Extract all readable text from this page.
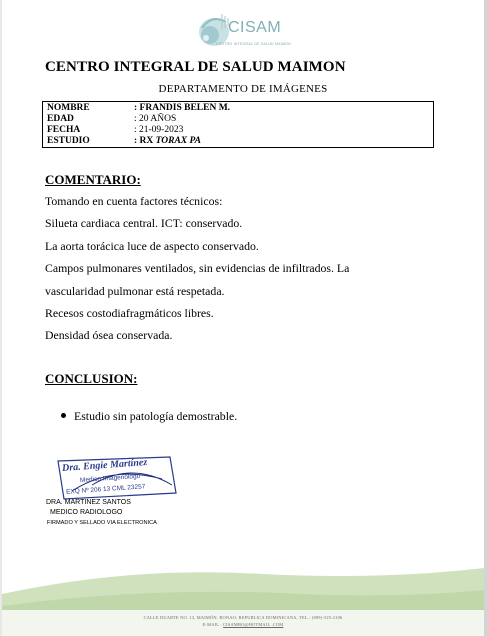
CISAM
CENTRO INTEGRAL DE SALUD MAIMON
CENTRO INTEGRAL DE SALUD MAIMON
DEPARTAMENTO DE IMÁGENES
NOMBRE	: FRANDIS BELEN M.
EDAD	: 20 AÑOS
FECHA	: 21-09-2023
ESTUDIO	: RX TORAX PA
COMENTARIO:
Tomando en cuenta factores técnicos:
Silueta cardiaca central. ICT: conservado.
La aorta torácica luce de aspecto conservado.
Campos pulmonares ventilados, sin evidencias de infiltrados. La
vascularidad pulmonar está respetada.
Recesos costodiafragmáticos libres.
Densidad ósea conservada.
CONCLUSION:
Estudio sin patología demostrable.
Dra. Engie Martínez
Medico Imagenólogo
EXQ Nº 206 13 CML 23257
DRA. MARTINEZ SANTOS
MEDICO RADIOLOGO
FIRMADO Y SELLADO VIA ELECTRONICA
CALLE DUARTE NO. 13, MAIMÓN, BONAO, REPUBLICA DOMINICANA, TEL.: (809)-525-2106
E-MAIL : CISAMBO@HOTMAIL .COM
